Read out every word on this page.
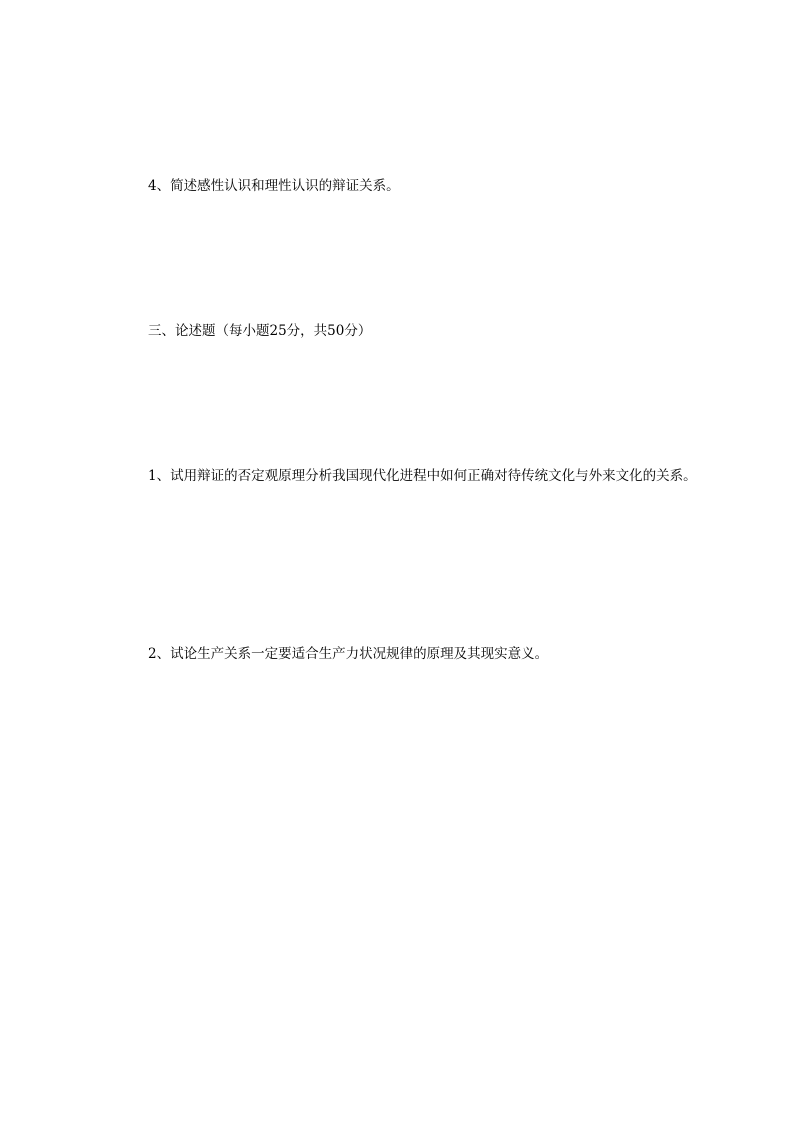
4、简述感性认识和理性认识的辩证关系。

三、论述题（每小题25分，共50分）

1、试用辩证的否定观原理分析我国现代化进程中如何正确对待传统文化与外来文化的关系。

2、试论生产关系一定要适合生产力状况规律的原理及其现实意义。
